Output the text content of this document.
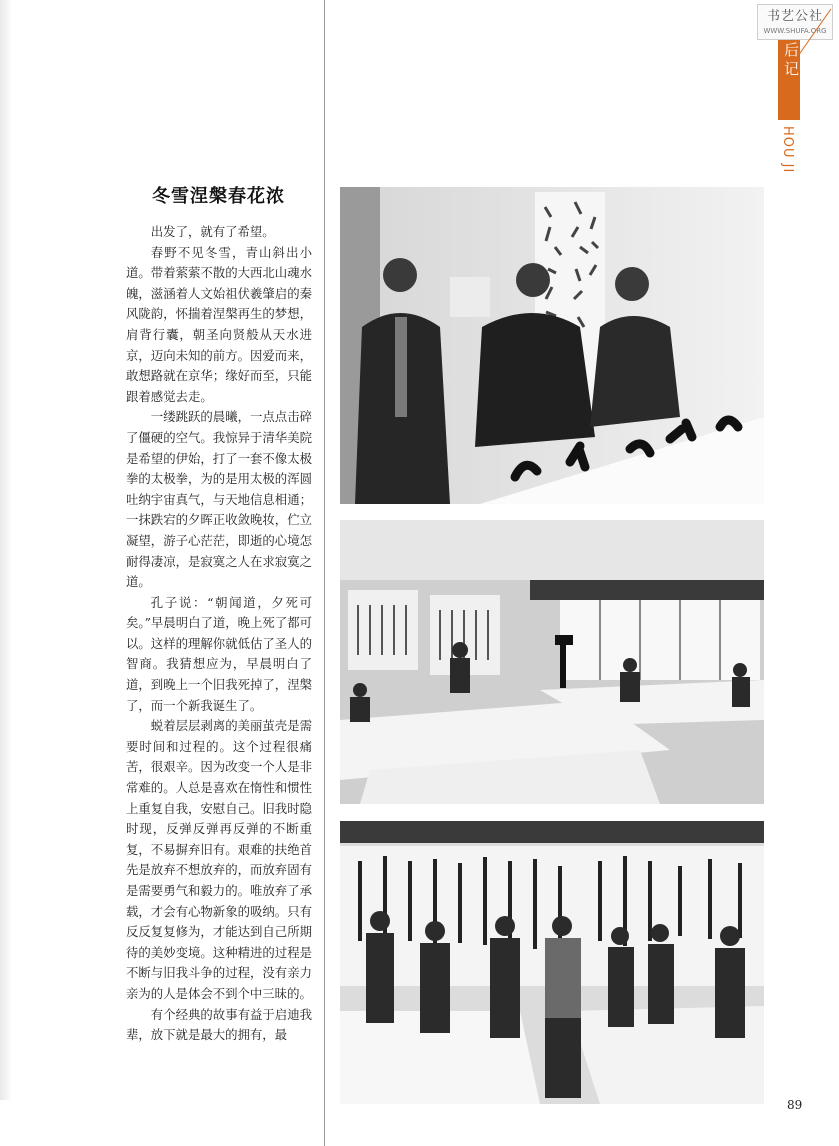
书艺公社
WWW.SHUFA.ORG
后记
HOU JI
冬雪涅槃春花浓

出发了，就有了希望。

春野不见冬雪，青山斜出小道。带着萦萦不散的大西北山魂水魄，滋涵着人文始祖伏羲肇启的秦风陇韵，怀揣着涅槃再生的梦想，肩背行囊，朝圣向贤般从天水进京，迈向未知的前方。因爱而来，敢想路就在京华；缘好而至，只能跟着感觉去走。

一缕跳跃的晨曦，一点点击碎了僵硬的空气。我惊异于清华美院是希望的伊始，打了一套不像太极拳的太极拳，为的是用太极的浑圆吐纳宇宙真气，与天地信息相通；一抹跌宕的夕晖正收敛晚妆，伫立凝望，游子心茫茫，即逝的心境怎耐得凄凉，是寂寞之人在求寂寞之道。

孔子说：“朝闻道，夕死可矣。”早晨明白了道，晚上死了都可以。这样的理解你就低估了圣人的智商。我猜想应为，早晨明白了道，到晚上一个旧我死掉了，涅槃了，而一个新我诞生了。

蜕着层层剥离的美丽茧壳是需要时间和过程的。这个过程很痛苦，很艰辛。因为改变一个人是非常难的。人总是喜欢在惰性和惯性上重复自我，安慰自己。旧我时隐时现，反弹反弹再反弹的不断重复，不易摒弃旧有。艰难的扶绝首先是放弃不想放弃的，而放弃固有是需要勇气和毅力的。唯放弃了承载，才会有心物新象的吸纳。只有反反复复修为，才能达到自己所期待的美妙变境。这种精进的过程是不断与旧我斗争的过程，没有亲力亲为的人是体会不到个中三昧的。

有个经典的故事有益于启迪我辈，放下就是最大的拥有，最

89
